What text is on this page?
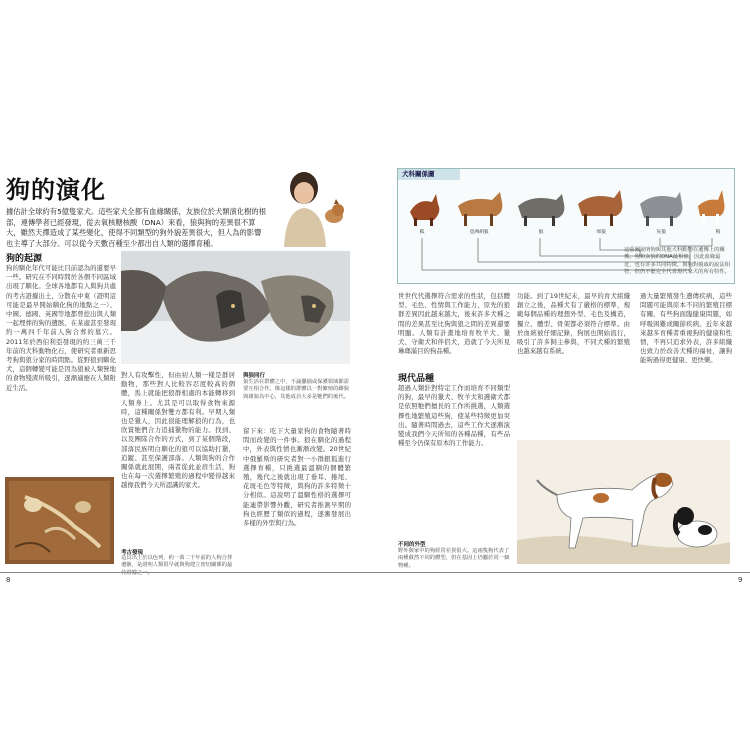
狗的演化
據估計全球約有5億隻家犬。這些家犬全都有血緣關係，友族位於犬類演化樹的根部，連傳學者已經發現，從去氧核糖核酸（DNA）來看，狼與狗的差異很不算大，雖然天擇造成了某些變化，使得不同類型的狗外貌差異很大，但人為的影響也主導了大部分。可以從今天數百種至少都出自人類的選擇育種。
狗的起源
狗的馴化年代可能比目前認為的還要早一些。研究在不同時間於各個不同區域出現了馴化。全球各地都有人與狗共處的考古證據出土，分散在中東（證明這可能是最早開始馴化狗的地點之一）、中國、德國、英國等地都曾挖出與人類一起埋葬的狗的遺骸，在某處甚至發現約一萬四千年前人狗合葬的墓穴。2011年於西伯利亞發現的約三萬三千年前的犬科動物化石，使研究者重新思考狗與狼分家的時間點。從野狼到馴化犬，這個轉變可能是因為狼被人類營地的食物殘渣所吸引，逐漸適應在人類附近生活。
與狼同行
狼生活在群體之中，不論獵捕或保護領域都需要互相合作。像這樣的群體以一對繁殖的雌狼與雄狼為中心，其他成員大多是牠們的後代。
對人有攻擊性，但由初人類一樣是群居動物，那些對人比較容忍度較高的個體，馬上就能把狼群相處的本能轉移到人類身上。尤其是可以取得食物來源時，這種關係對雙方都有利。早期人類也是獵人，因此很能理解狼的行為，也欣賞牠們合力追捕獵物的能力。找到、以及團隊合作的方式，到了某個階段，部落民族明白馴化的狼可以協助打獵，追蹤、甚至保護部落。人類與狗的合作關係就此展開，兩者從此並肩生活，狗也在每一次選擇繁殖的過程中變得越來越像我們今天所認識的家犬。
留下來：吃下大量家狗的食物隨著時間而改變的一件事。狼在馴化的過程中，外表與性情也漸漸改變。20世紀中俄羅斯的研究者對一小群銀狐進行選擇育種，只挑選最溫馴的個體繁殖，幾代之後就出現了垂耳、捲尾、花斑毛色等特徵，與狗的許多特徵十分相似。這說明了溫馴性格的選擇可能連帶影響外觀，研究者推測早期的狗也經歷了類似的過程，逐漸發展出多樣的外型與行為。
考古發現
這具出土於以色列、約一萬二千年前的人狗合葬遺骸，是證明人類很早就與狗建立密切關係的最
8
犬科關係圖
狐	亞洲胡狼	狼	郊狼	灰狼	狗
這張圖說明狗與其他犬科動物在遺傳上的關係。狗和灰狼的DNA最相似，因此血緣最近，也有許多共同特徵，與狗對親戚的說法相符，但仍不能完全代表現代家犬的所有特性。
世世代代選擇符合需求的性狀，包括體型、毛色、性情與工作能力，原先的狼群差異因此越來越大，後來許多犬種之間的差異甚至比狗與狼之間的差異還要明顯。人類有計畫地培育牧羊犬、獵犬、守衛犬和伴侶犬，造就了今天所見琳瑯滿目的狗品種。
現代品種
超過人類針對特定工作而培育不同類型的狗，最早的獵犬、牧羊犬和護衛犬都是依照牠們擅長的工作所挑選，人類選擇性地繁殖這些狗，使某些特徵更加突出。隨著時間過去，這些工作犬逐漸演變成我們今天所知的各種品種，有些品種至今仍保有原本的工作能力。
功能。到了19世紀末，最早的育犬組織創立之後，品種犬有了嚴格的標準，規範每個品種的理想外型、毛色及構造，獨立、體型、骨架都必須符合標準。由於血統被仔細記錄，狗展也開始流行，吸引了許多飼主參與，不同犬種的繁殖也越來越有系統。
過大量繁殖發生遺傳疾病，這些問題可能與原本不同的繁殖目標有關，有些狗面臨健康問題，如呼吸困難或關節疾病。近年來越來越多育種者重視狗的健康和性情，不再只追求外表，許多組織也致力於改善犬種的福祉，讓狗能夠過得更健康、更快樂。
不同的外型
野外與家中的狗經常差異很大。這兩隻狗代表了兩種截然不同的體型，但在基因上仍屬於同一個物種。
9
